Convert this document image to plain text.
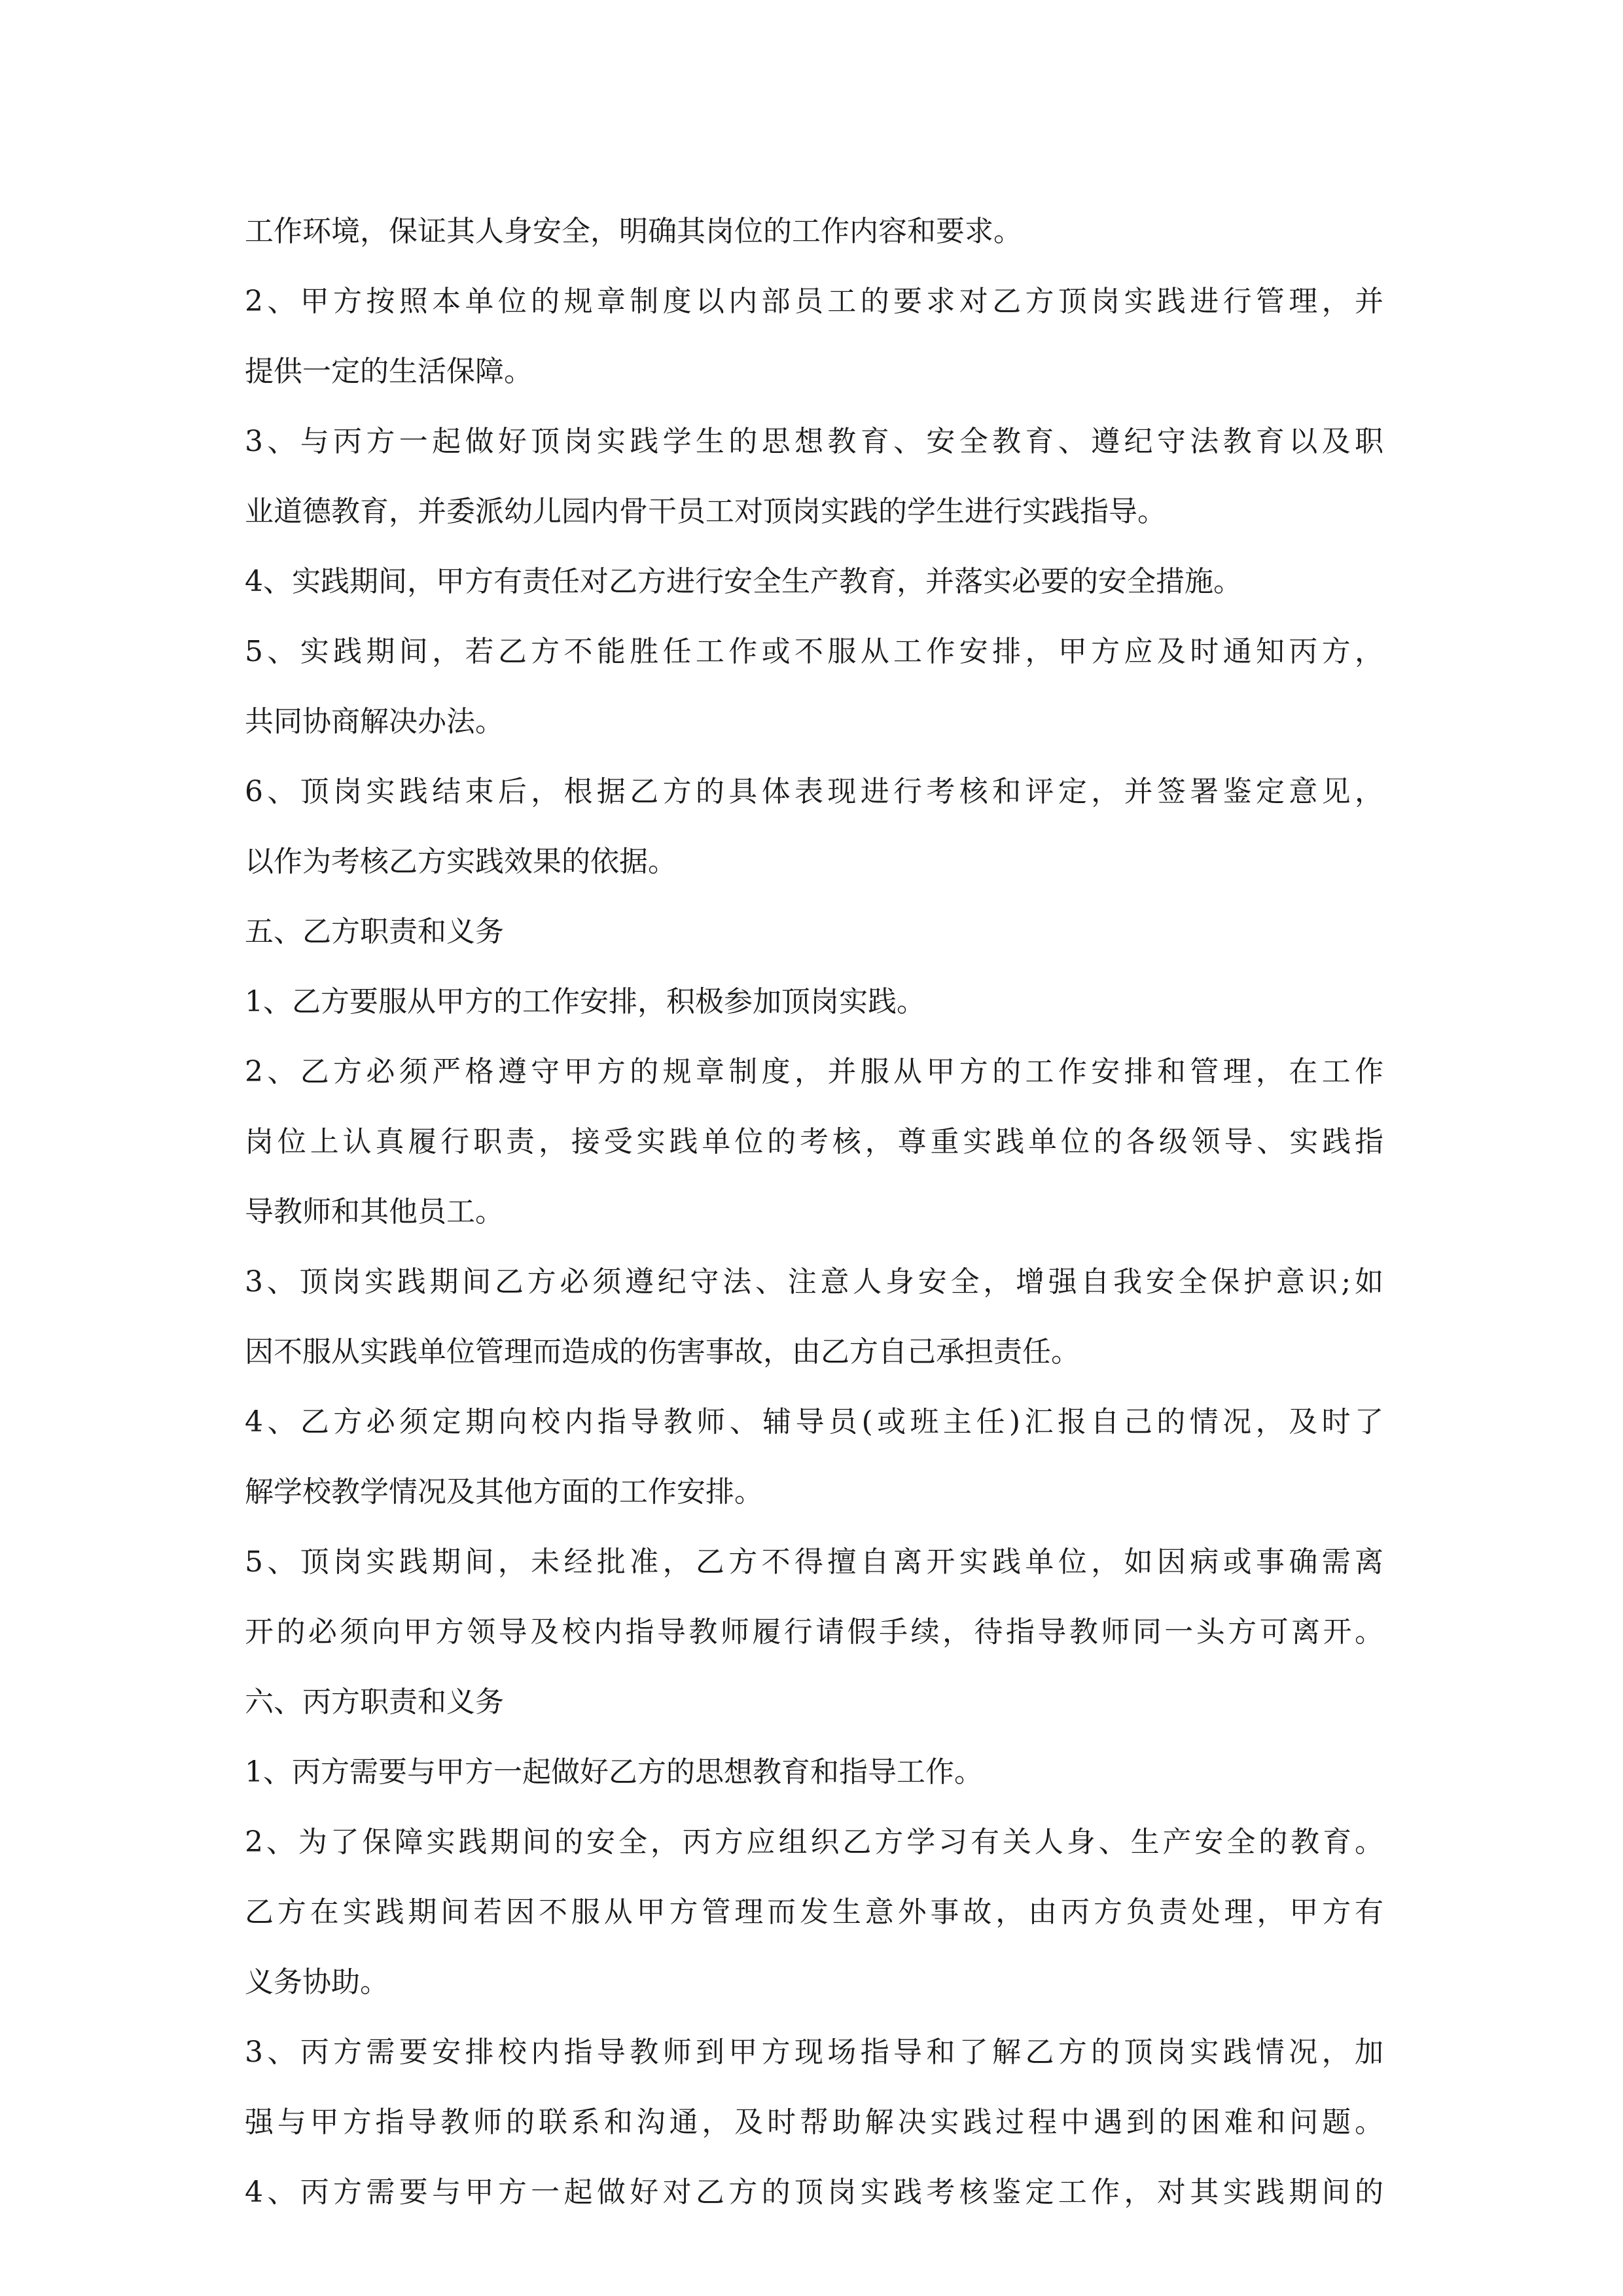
工作环境，保证其人身安全，明确其岗位的工作内容和要求。
2、甲方按照本单位的规章制度以内部员工的要求对乙方顶岗实践进行管理，并
提供一定的生活保障。
3、与丙方一起做好顶岗实践学生的思想教育、安全教育、遵纪守法教育以及职
业道德教育，并委派幼儿园内骨干员工对顶岗实践的学生进行实践指导。
4、实践期间，甲方有责任对乙方进行安全生产教育，并落实必要的安全措施。
5、实践期间，若乙方不能胜任工作或不服从工作安排，甲方应及时通知丙方，
共同协商解决办法。
6、顶岗实践结束后，根据乙方的具体表现进行考核和评定，并签署鉴定意见，
以作为考核乙方实践效果的依据。
五、乙方职责和义务
1、乙方要服从甲方的工作安排，积极参加顶岗实践。
2、乙方必须严格遵守甲方的规章制度，并服从甲方的工作安排和管理，在工作
岗位上认真履行职责，接受实践单位的考核，尊重实践单位的各级领导、实践指
导教师和其他员工。
3、顶岗实践期间乙方必须遵纪守法、注意人身安全，增强自我安全保护意识;如
因不服从实践单位管理而造成的伤害事故，由乙方自己承担责任。
4、乙方必须定期向校内指导教师、辅导员(或班主任)汇报自己的情况，及时了
解学校教学情况及其他方面的工作安排。
5、顶岗实践期间，未经批准，乙方不得擅自离开实践单位，如因病或事确需离
开的必须向甲方领导及校内指导教师履行请假手续，待指导教师同一头方可离开。
六、丙方职责和义务
1、丙方需要与甲方一起做好乙方的思想教育和指导工作。
2、为了保障实践期间的安全，丙方应组织乙方学习有关人身、生产安全的教育。
乙方在实践期间若因不服从甲方管理而发生意外事故，由丙方负责处理，甲方有
义务协助。
3、丙方需要安排校内指导教师到甲方现场指导和了解乙方的顶岗实践情况，加
强与甲方指导教师的联系和沟通，及时帮助解决实践过程中遇到的困难和问题。
4、丙方需要与甲方一起做好对乙方的顶岗实践考核鉴定工作，对其实践期间的
